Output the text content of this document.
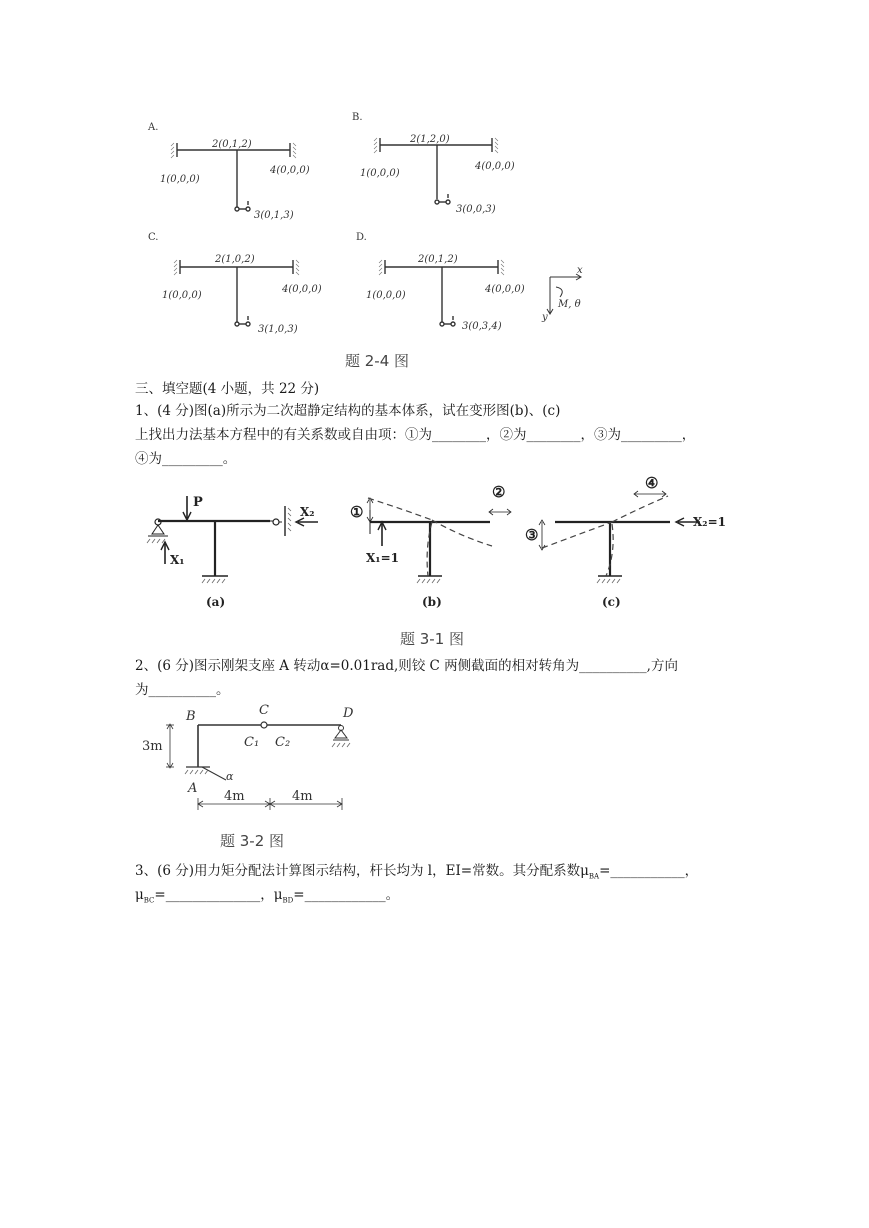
A.
2(0,1,2)
1(0,0,0)
4(0,0,0)
3(0,1,3)
B.
2(1,2,0)
1(0,0,0)
4(0,0,0)
3(0,0,3)
C.
2(1,0,2)
1(0,0,0)
4(0,0,0)
3(1,0,3)
D.
2(0,1,2)
1(0,0,0)
4(0,0,0)
3(0,3,4)
x
y
M, θ
题 2-4 图
三、填空题(4 小题，共 22 分)
1、(4 分)图(a)所示为二次超静定结构的基本体系，试在变形图(b)、(c)
上找出力法基本方程中的有关系数或自由项：①为________，②为________，③为_________，
④为_________。
P
X₁
X₂
X₁=1
X₂=1
①
②
③
④
(a)	(b)	(c)
题 3-1 图
2、(6 分)图示刚架支座 A 转动α=0.01rad,则铰 C 两侧截面的相对转角为__________,方向
为__________。
B	C	D
C₁ C₂
A
α
3m
4m	4m
题 3-2 图
3、(6 分)用力矩分配法计算图示结构，杆长均为 l，EI=常数。其分配系数$\mu_{BA}=\_\_\_\_\_\_\_\_\_\_\_$，
$\mu_{BC}=\_\_\_\_\_\_\_\_\_\_\_\_\_\_$，$\mu_{BD}=\_\_\_\_\_\_\_\_\_\_\_\_$。
